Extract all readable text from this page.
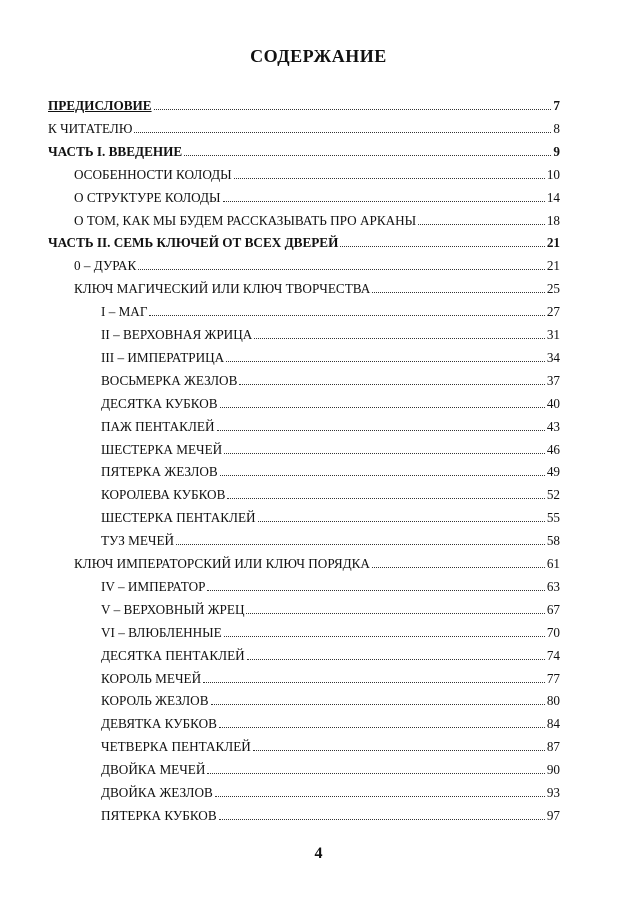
СОДЕРЖАНИЕ
ПРЕДИСЛОВИЕ	7
К ЧИТАТЕЛЮ	8
ЧАСТЬ I. ВВЕДЕНИЕ	9
ОСОБЕННОСТИ КОЛОДЫ	10
О СТРУКТУРЕ КОЛОДЫ	14
О ТОМ, КАК МЫ БУДЕМ РАССКАЗЫВАТЬ ПРО АРКАНЫ	18
ЧАСТЬ II. СЕМЬ КЛЮЧЕЙ ОТ ВСЕХ ДВЕРЕЙ	21
0 – ДУРАК	21
КЛЮЧ МАГИЧЕСКИЙ ИЛИ КЛЮЧ ТВОРЧЕСТВА	25
I – МАГ	27
II – ВЕРХОВНАЯ ЖРИЦА	31
III – ИМПЕРАТРИЦА	34
ВОСЬМЕРКА ЖЕЗЛОВ	37
ДЕСЯТКА КУБКОВ	40
ПАЖ ПЕНТАКЛЕЙ	43
ШЕСТЕРКА МЕЧЕЙ	46
ПЯТЕРКА ЖЕЗЛОВ	49
КОРОЛЕВА КУБКОВ	52
ШЕСТЕРКА ПЕНТАКЛЕЙ	55
ТУЗ МЕЧЕЙ	58
КЛЮЧ ИМПЕРАТОРСКИЙ ИЛИ КЛЮЧ ПОРЯДКА	61
IV – ИМПЕРАТОР	63
V – ВЕРХОВНЫЙ ЖРЕЦ	67
VI – ВЛЮБЛЕННЫЕ	70
ДЕСЯТКА ПЕНТАКЛЕЙ	74
КОРОЛЬ МЕЧЕЙ	77
КОРОЛЬ ЖЕЗЛОВ	80
ДЕВЯТКА КУБКОВ	84
ЧЕТВЕРКА ПЕНТАКЛЕЙ	87
ДВОЙКА МЕЧЕЙ	90
ДВОЙКА ЖЕЗЛОВ	93
ПЯТЕРКА КУБКОВ	97
4
